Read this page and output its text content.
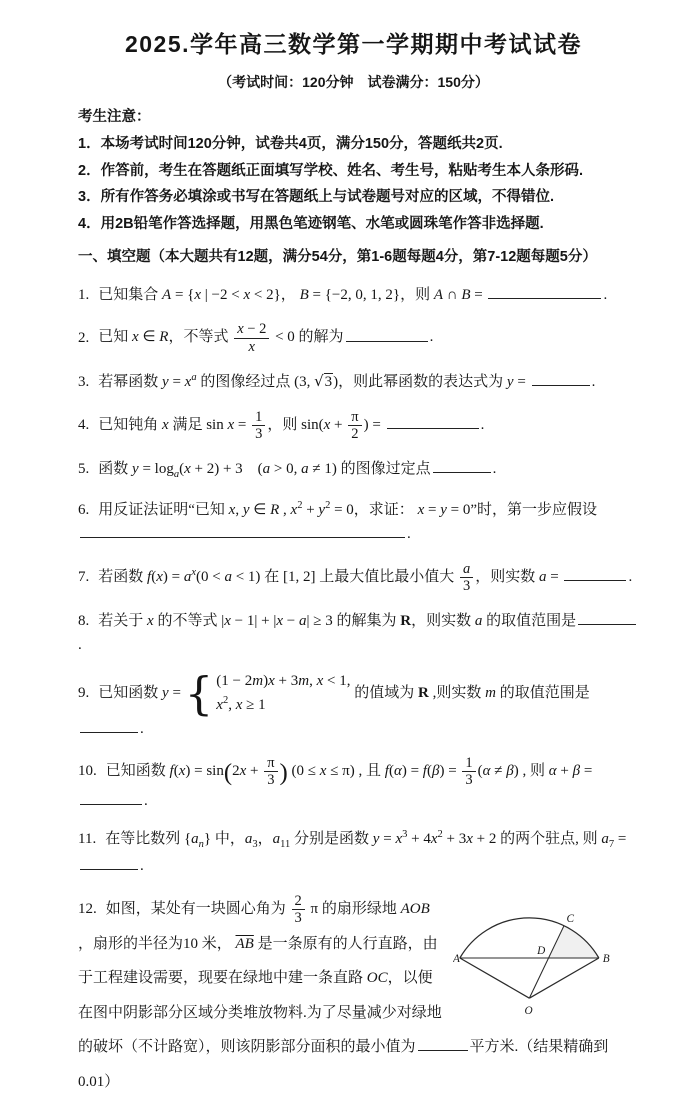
2025.学年高三数学第一学期期中考试试卷
（考试时间：120分钟　试卷满分：150分）
考生注意：
1．本场考试时间120分钟，试卷共4页，满分150分，答题纸共2页.
2．作答前，考生在答题纸正面填写学校、姓名、考生号，粘贴考生本人条形码.
3．所有作答务必填涂或书写在答题纸上与试卷题号对应的区域，不得错位.
4．用2B铅笔作答选择题，用黑色笔迹钢笔、水笔或圆珠笔作答非选择题.
一、填空题（本大题共有12题，满分54分，第1-6题每题4分，第7-12题每题5分）
1. 已知集合 A = {x | −2 < x < 2}， B = {−2, 0, 1, 2}，则 A ∩ B =	.
2. 已知 x ∈ R，不等式 $\frac{x - 2}{x} < 0$ 的解为	.
3. 若幂函数 $y = x^a$ 的图像经过点 (3, √3)，则此幂函数的表达式为 y =	.
4. 已知钝角 x 满足 $\sin x = \frac{1}{3}$ ，则 $\sin(x + \frac{\pi}{2}$ ) =	.
5. 函数 $y = \log_a(x + 2) + 3$　(a > 0, a ≠ 1) 的图像过定点	.
6. 用反证法证明“已知 x, y ∈ R , $x^2 + y^2 = 0$，求证： x = y = 0”时，第一步应假设
.
7. 若函数 $f(x) = a^x(0 < a < 1)$ 在 [1, 2] 上最大值比最小值大 $\frac{a}{3}$ ，则实数 a =	.
8. 若关于 x 的不等式 |x − 1| + |x − a| ≥ 3 的解集为 R，则实数 a 的取值范围是.
9. 已知函数 y = { (1 − 2m)x + 3m, x < 1,
$x^2$, x ≥ 1
的值域为 R ,则实数 m 的取值范围是.
10. 已知函数 $f(x) = \sin(2x + \frac{\pi}{3}$ ) (0 ≤ x ≤ π) , 且 $f(\alpha) = f(\beta) = \frac{1}{3} (\alpha \ne \beta)$ , 则 α + β = .
11. 在等比数列 $\{a_n\}$ 中，$a_3$，$a_{11}$ 分别是函数 $y = x^3 + 4x^2 + 3x + 2$ 的两个驻点, 则 $a_7$ = .
A	B
C
D
O
12. 如图，某处有一块圆心角为 $\frac{2}{3}$ π 的扇形绿地 AOB ，扇形的半径为10 米， $\overline{AB}$ 是一条原有的人行直路，由于工程建设需要，现要在绿地中建一条直路 OC，以便在图中阴影部分区域分类堆放物料.为了尽量减少对绿地的破坏（不计路宽），则该阴影部分面积的最小值为	平方米.（结果精确到 0.01）
